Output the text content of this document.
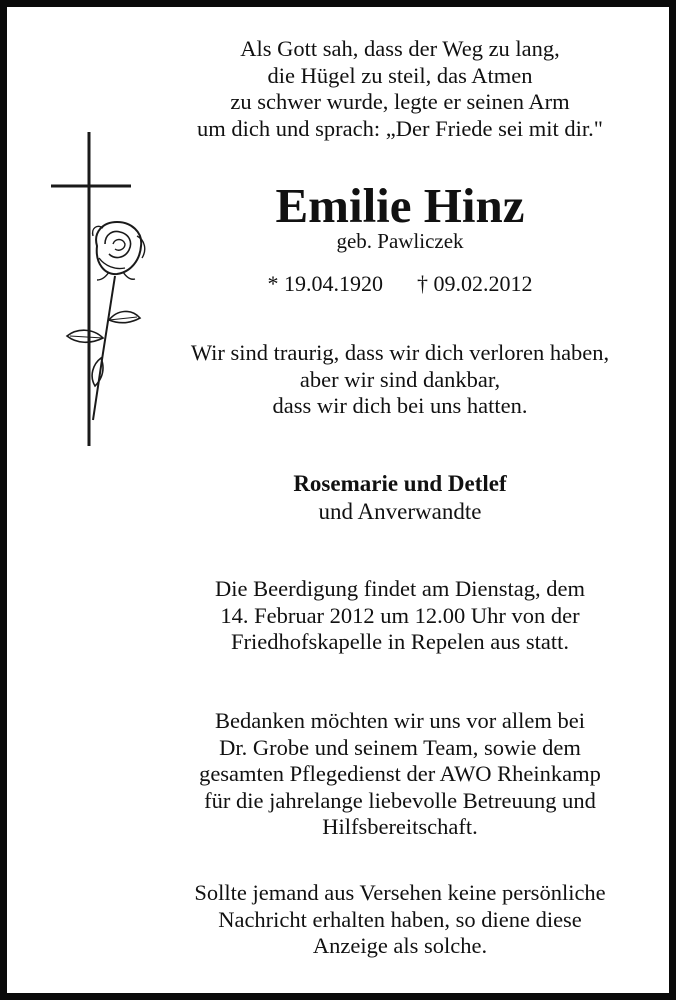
Als Gott sah, dass der Weg zu lang,
die Hügel zu steil, das Atmen
zu schwer wurde, legte er seinen Arm
um dich und sprach: „Der Friede sei mit dir."
Emilie Hinz
geb. Pawliczek
* 19.04.1920 † 09.02.2012
Wir sind traurig, dass wir dich verloren haben,
aber wir sind dankbar,
dass wir dich bei uns hatten.
Rosemarie und Detlef
und Anverwandte
Die Beerdigung findet am Dienstag, dem
14. Februar 2012 um 12.00 Uhr von der
Friedhofskapelle in Repelen aus statt.
Bedanken möchten wir uns vor allem bei
Dr. Grobe und seinem Team, sowie dem
gesamten Pflegedienst der AWO Rheinkamp
für die jahrelange liebevolle Betreuung und
Hilfsbereitschaft.
Sollte jemand aus Versehen keine persönliche
Nachricht erhalten haben, so diene diese
Anzeige als solche.
